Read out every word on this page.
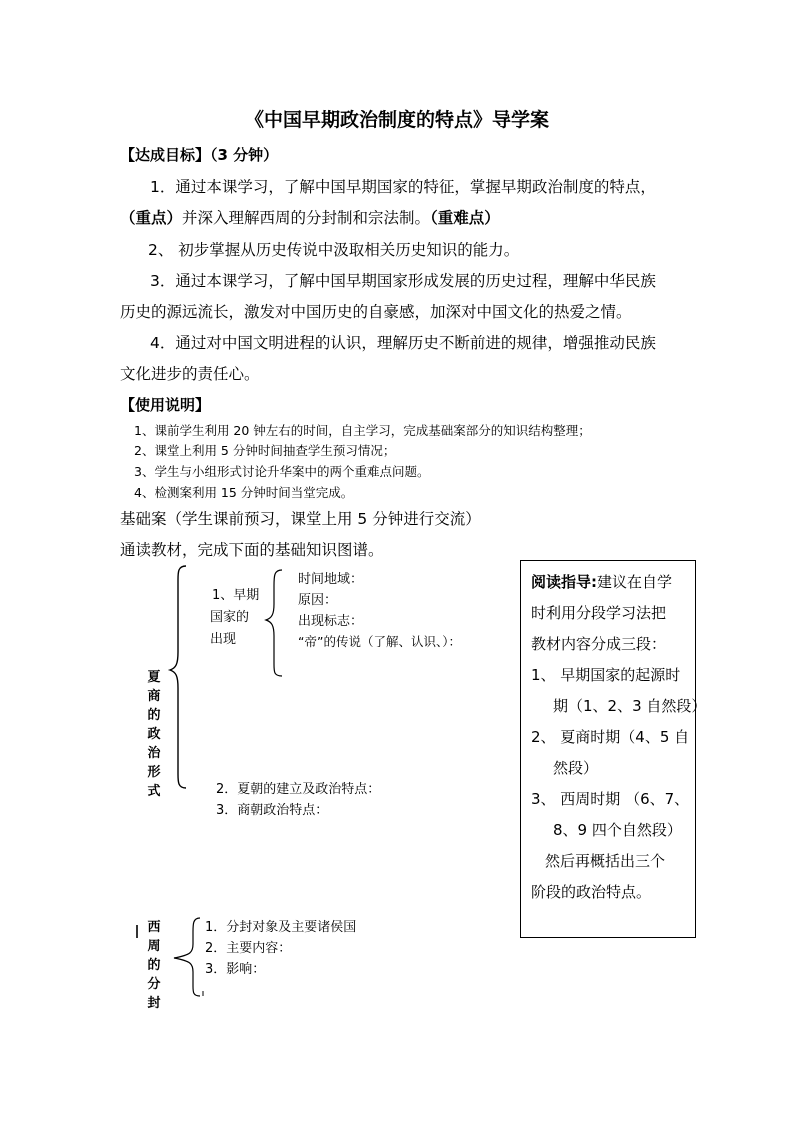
《中国早期政治制度的特点》导学案
【达成目标】（3 分钟）
1．通过本课学习，了解中国早期国家的特征，掌握早期政治制度的特点，
（重点）并深入理解西周的分封制和宗法制。（重难点）
2、 初步掌握从历史传说中汲取相关历史知识的能力。
3．通过本课学习，了解中国早期国家形成发展的历史过程，理解中华民族
历史的源远流长，激发对中国历史的自豪感，加深对中国文化的热爱之情。
4．通过对中国文明进程的认识，理解历史不断前进的规律，增强推动民族
文化进步的责任心。
【使用说明】
1、课前学生利用 20 钟左右的时间，自主学习，完成基础案部分的知识结构整理；
2、课堂上利用 5 分钟时间抽查学生预习情况；
3、学生与小组形式讨论升华案中的两个重难点问题。
4、检测案利用 15 分钟时间当堂完成。
基础案（学生课前预习，课堂上用 5 分钟进行交流）
通读教材，完成下面的基础知识图谱。
夏
商
的
政
治
形
式
1、早期
国家的
出现
时间地域：
原因：
出现标志：
“帝”的传说（了解、认识、）：
2．夏朝的建立及政治特点：
3．商朝政治特点：
西
周
的
分
封
1．分封对象及主要诸侯国
2．主要内容：
3．影响：
阅读指导:建议在自学
时利用分段学习法把
教材内容分成三段：
1、 早期国家的起源时
期（1、2、3 自然段）
2、 夏商时期（4、5 自
然段）
3、 西周时期 （6、7、
8、9 四个自然段）
然后再概括出三个
阶段的政治特点。
